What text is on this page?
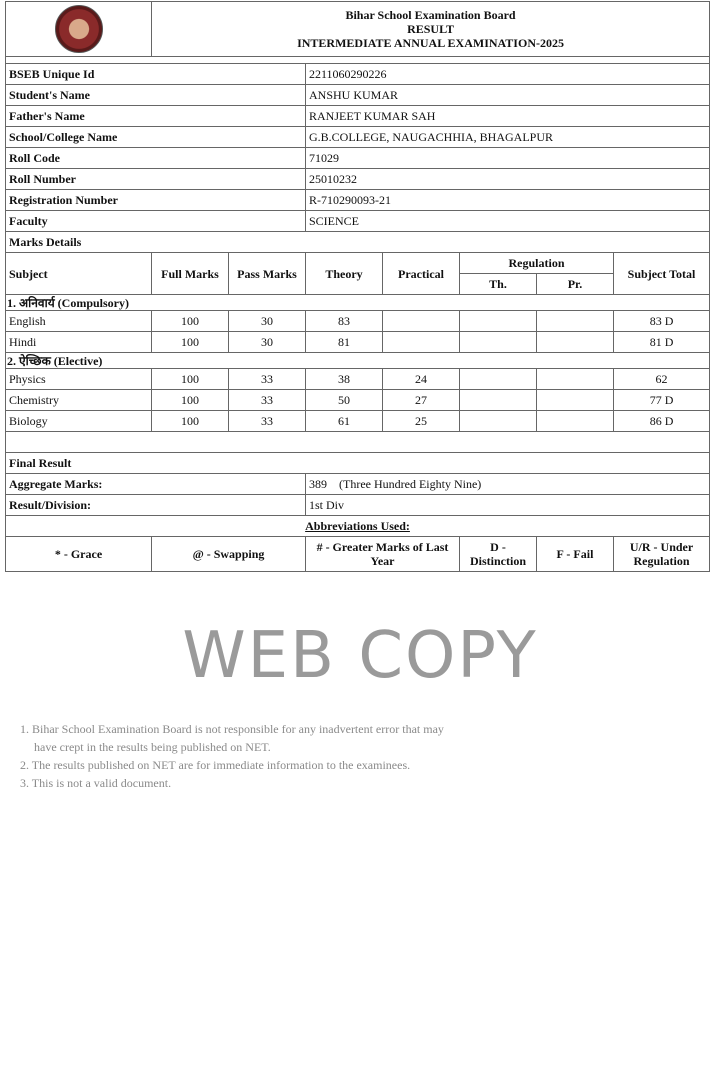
	Bihar School Examination Board
RESULT
INTERMEDIATE ANNUAL EXAMINATION-2025						

BSEB Unique Id			2211060290226				
Student's Name			ANSHU KUMAR				
Father's Name			RANJEET KUMAR SAH				
School/College Name			G.B.COLLEGE, NAUGACHHIA, BHAGALPUR				
Roll Code			71029				
Roll Number			25010232				
Registration Number			R-710290093-21				
Faculty			SCIENCE				
Marks Details							
Subject	Full Marks	Pass Marks	Theory	Practical	Regulation		Subject Total
					Th.	Pr.	
1. अनिवार्य (Compulsory)							
English	100	30	83				83 D
Hindi	100	30	81				81 D
2. ऐच्छिक (Elective)							
Physics	100	33	38	24			62
Chemistry	100	33	50	27			77 D
Biology	100	33	61	25			86 D

Final Result							
Aggregate Marks:			389 (Three Hundred Eighty Nine)				
Result/Division:			1st Div				
Abbreviations Used:							
* - Grace	@ - Swapping		# - Greater Marks of Last Year		D - Distinction	F - Fail	U/R - Under Regulation
WEB COPY
1. Bihar School Examination Board is not responsible for any inadvertent error that may
have crept in the results being published on NET.
2. The results published on NET are for immediate information to the examinees.
3. This is not a valid document.
